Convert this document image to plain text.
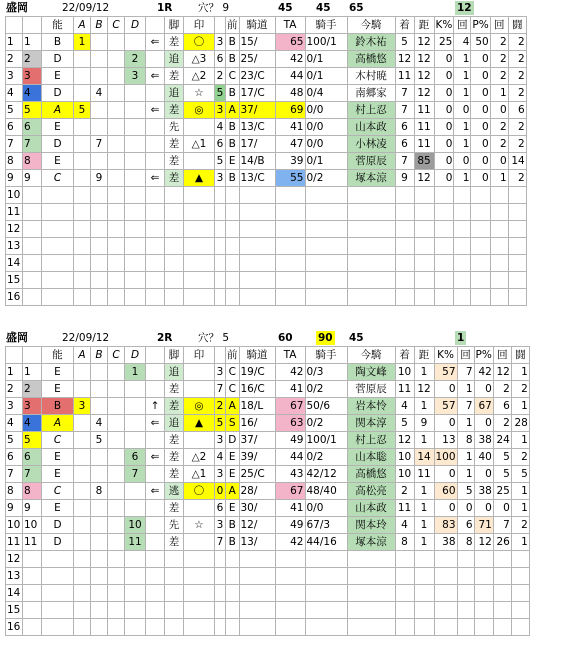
盛岡	22/09/12	1R 穴？ 9	45 45 65	12
		能	A	B	C	D		脚	印		前	騎道	TA	騎手	今騎	着	距	K%	回	P%	回	闘
1	1	B	1				⇐	差	〇	3	B	15/	65	100/1	鈴木祐	5	12	25	4	50	2	2
2	2	D				2		追	△3	6	B	25/	42	0/1	高橋悠	12	12	0	1	0	2	2
3	3	E				3	⇐	差	△2	2	C	23/C	44	0/1	木村暁	11	12	0	1	0	2	2
4	4	D		4				追	☆	5	B	17/C	48	0/4	南郷家	7	12	0	1	0	1	2
5	5	A	5				⇐	差	◎	3	A	37/	69	0/0	村上忍	7	11	0	0	0	0	6
6	6	E						先		4	B	13/C	41	0/0	山本政	6	11	0	1	0	2	2
7	7	D		7				差	△1	6	B	17/	47	0/0	小林凌	6	11	0	1	0	2	2
8	8	E						差		5	E	14/B	39	0/1	菅原辰	7	85	0	0	0	0	14
9	9	C		9			⇐	差	▲	3	B	13/C	55	0/2	塚本涼	9	12	0	1	0	1	2
10																						
11																						
12																						
13																						
14																						
15																						
16																						
盛岡	22/09/12	2R 穴？ 5	60 90 45	1
		能	A	B	C	D		脚	印		前	騎道	TA	騎手	今騎	着	距	K%	回	P%	回	闘
1	1	E				1		追		3	C	19/C	42	0/3	陶文峰	10	1	57	7	42	12	1
2	2	E						差		7	C	16/C	41	0/2	菅原辰	11	12	0	1	0	2	2
3	3	B	3				↑	差	◎	2	A	18/L	67	50/6	岩本怜	4	1	57	7	67	6	1
4	4	A		4			⇐	追	▲	5	S	16/	63	0/2	関本淳	5	9	0	1	0	2	28
5	5	C		5				差		3	D	37/	49	100/1	村上忍	12	1	13	8	38	24	1
6	6	E				6	⇐	差	△2	4	E	39/	44	0/2	山本聡	10	14	100	1	40	5	2
7	7	E				7		差	△1	3	E	25/C	43	42/12	高橋悠	10	11	0	1	0	5	5
8	8	C		8			⇐	逃	〇	0	A	28/	67	48/40	高松亮	2	1	60	5	38	25	1
9	9	E						差		6	E	30/	41	0/0	山本政	11	1	0	0	0	0	1
10	10	D				10		先	☆	3	B	12/	49	67/3	関本玲	4	1	83	6	71	7	2
11	11	D				11		差		7	B	13/	42	44/16	塚本涼	8	1	38	8	12	26	1
12																						
13																						
14																						
15																						
16																						
